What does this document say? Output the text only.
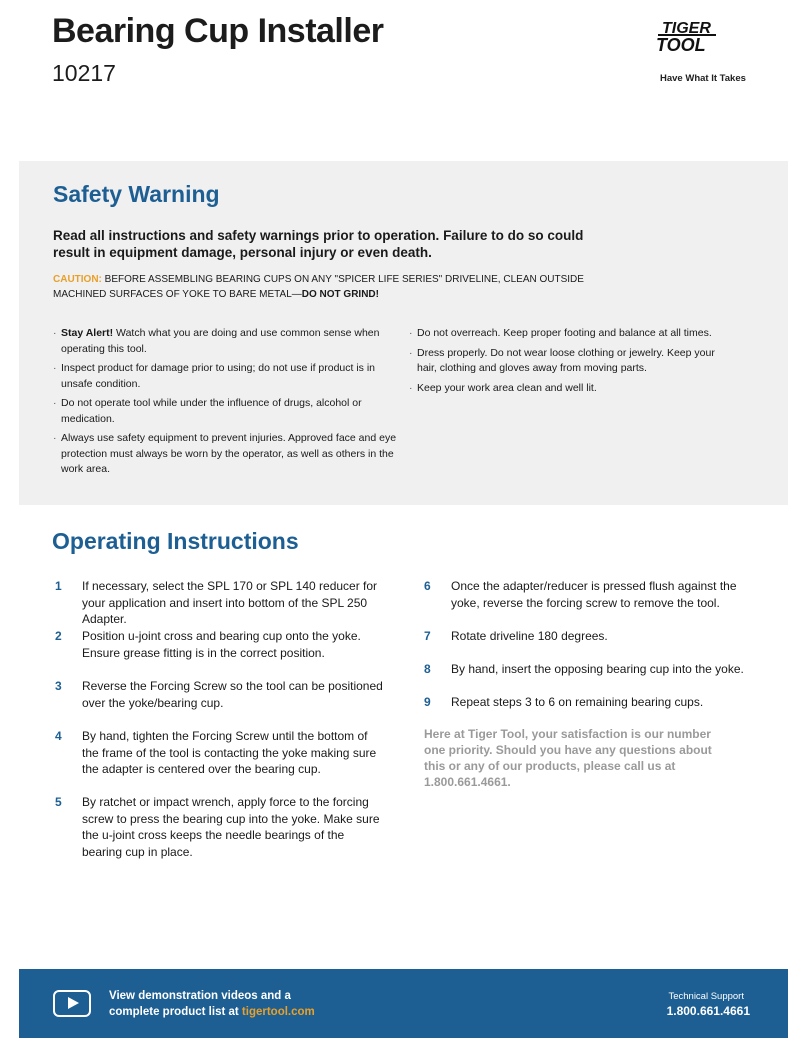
Bearing Cup Installer
10217
TIGER
TOOL
Have What It Takes
Safety Warning
Read all instructions and safety warnings prior to operation. Failure to do so could result in equipment damage, personal injury or even death.
CAUTION: BEFORE ASSEMBLING BEARING CUPS ON ANY "SPICER LIFE SERIES" DRIVELINE, CLEAN OUTSIDE MACHINED SURFACES OF YOKE TO BARE METAL—DO NOT GRIND!
· Stay Alert! Watch what you are doing and use common sense when operating this tool.
· Inspect product for damage prior to using; do not use if product is in unsafe condition.
· Do not operate tool while under the influence of drugs, alcohol or medication.
· Always use safety equipment to prevent injuries. Approved face and eye protection must always be worn by the operator, as well as others in the work area.
· Do not overreach. Keep proper footing and balance at all times.
· Dress properly. Do not wear loose clothing or jewelry. Keep your hair, clothing and gloves away from moving parts.
· Keep your work area clean and well lit.
Operating Instructions
1 If necessary, select the SPL 170 or SPL 140 reducer for your application and insert into bottom of the SPL 250 Adapter.
2 Position u-joint cross and bearing cup onto the yoke. Ensure grease fitting is in the correct position.
3 Reverse the Forcing Screw so the tool can be positioned over the yoke/bearing cup.
4 By hand, tighten the Forcing Screw until the bottom of the frame of the tool is contacting the yoke making sure the adapter is centered over the bearing cup.
5 By ratchet or impact wrench, apply force to the forcing screw to press the bearing cup into the yoke. Make sure the u-joint cross keeps the needle bearings of the bearing cup in place.
6 Once the adapter/reducer is pressed flush against the yoke, reverse the forcing screw to remove the tool.
7 Rotate driveline 180 degrees.
8 By hand, insert the opposing bearing cup into the yoke.
9 Repeat steps 3 to 6 on remaining bearing cups.
Here at Tiger Tool, your satisfaction is our number one priority. Should you have any questions about this or any of our products, please call us at 1.800.661.4661.
View demonstration videos and a
complete product list at tigertool.com
Technical Support
1.800.661.4661
